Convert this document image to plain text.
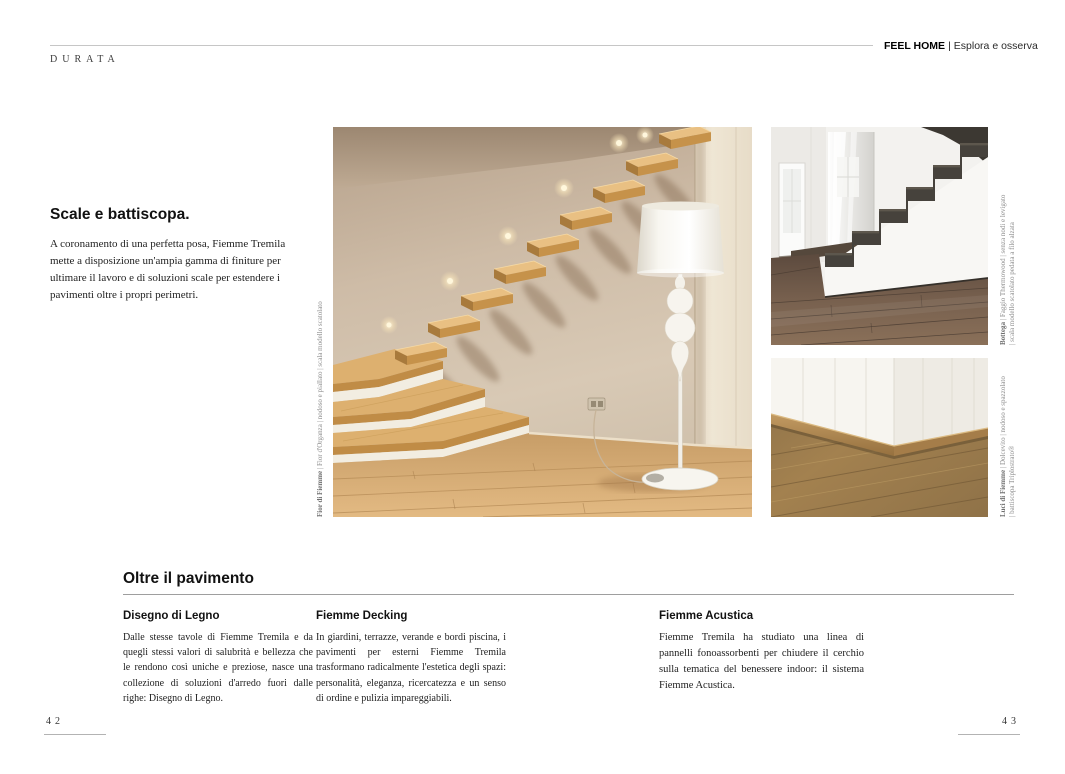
FEEL HOME | Esplora e osserva
DURATA
Scale e battiscopa.

A coronamento di una perfetta posa, Fiemme Tremila mette a disposizione un'ampia gamma di finiture per ultimare il lavoro e di soluzioni scale per estendere i pavimenti oltre i propri perimetri.

Fior di Fiemme | Fior d'Organza | nodoso e piallato | scala modello scatolato	Bottega | Faggio Thermowood | senza nodi e levigato | scala modello scatolato pedata a filo alzata
Luci di Fiemme | Dolcevito | nodoso e spazzolato
| battiscopa Triplostrato®
Oltre il pavimento
Disegno di Legno

Dalle stesse tavole di Fiemme Tremila e da quegli stessi valori di salubrità e bellezza che le rendono così uniche e preziose, nasce una collezione di soluzioni d'arredo fuori dalle righe: Disegno di Legno.

Fiemme Decking

In giardini, terrazze, verande e bordi piscina, i pavimenti per esterni Fiemme Tremila trasformano radicalmente l'estetica degli spazi: personalità, eleganza, ricercatezza e un senso di ordine e pulizia impareggiabili.

Fiemme Acustica

Fiemme Tremila ha studiato una linea di pannelli fonoassorbenti per chiudere il cerchio sulla tematica del benessere indoor: il sistema Fiemme Acustica.

42	43
